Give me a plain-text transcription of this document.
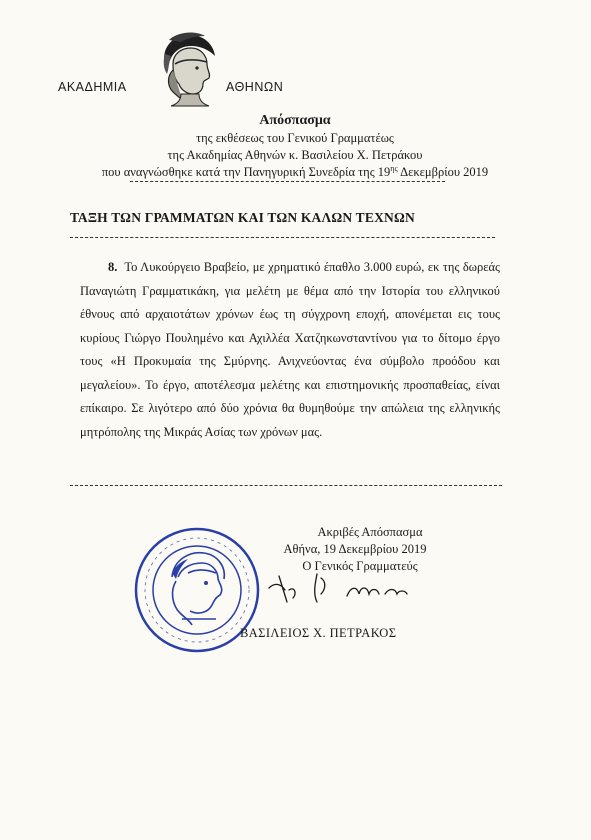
ΑΚΑΔΗΜΙΑ	ΑΘΗΝΩΝ
Απόσπασμα
της εκθέσεως του Γενικού Γραμματέως
της Ακαδημίας Αθηνών κ. Βασιλείου Χ. Πετράκου
που αναγνώσθηκε κατά την Πανηγυρική Συνεδρία της $19^{\eta\varsigma}$ Δεκεμβρίου 2019
ΤΑΞΗ ΤΩΝ ΓΡΑΜΜΑΤΩΝ ΚΑΙ ΤΩΝ ΚΑΛΩΝ ΤΕΧΝΩΝ
8. Το Λυκούργειο Βραβείο, με χρηματικό έπαθλο 3.000 ευρώ, εκ της δωρεάς Παναγιώτη Γραμματικάκη, για μελέτη με θέμα από την Ιστορία του ελληνικού έθνους από αρχαιοτάτων χρόνων έως τη σύγχρονη εποχή, απονέμεται εις τους κυρίους Γιώργο Πουλημένο και Αχιλλέα Χατζηκωνσταντίνου για το δίτομο έργο τους «Η Προκυμαία της Σμύρνης. Ανιχνεύοντας ένα σύμβολο προόδου και μεγαλείου». Το έργο, αποτέλεσμα μελέτης και επιστημονικής προσπαθείας, είναι επίκαιρο. Σε λιγότερο από δύο χρόνια θα θυμηθούμε την απώλεια της ελληνικής μητρόπολης της Μικράς Ασίας των χρόνων μας.
Ακριβές Απόσπασμα
Αθήνα, 19 Δεκεμβρίου 2019
Ο Γενικός Γραμματεύς
ΒΑΣΙΛΕΙΟΣ Χ. ΠΕΤΡΑΚΟΣ
